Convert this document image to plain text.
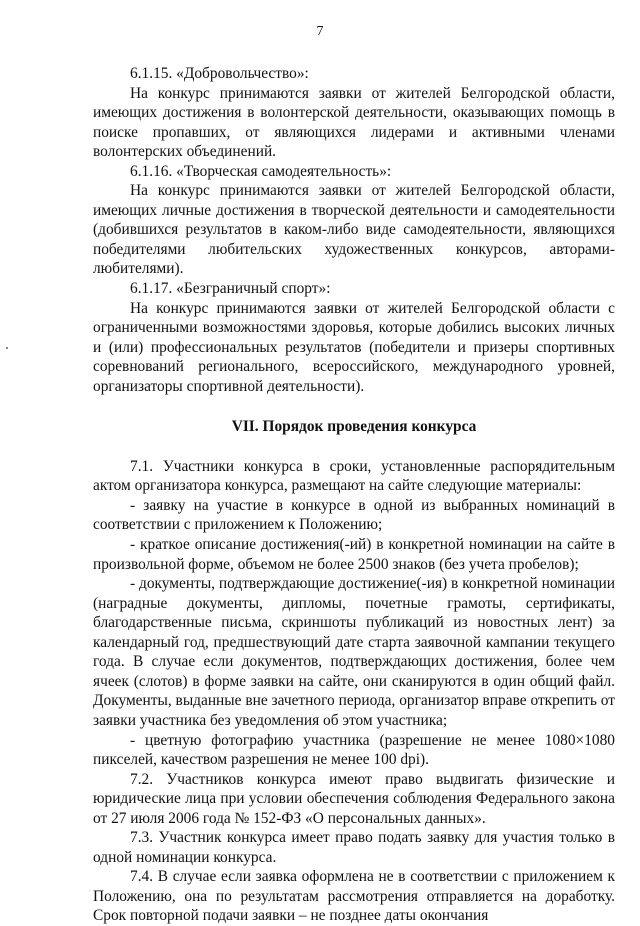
7

6.1.15. «Добровольчество»:

На конкурс принимаются заявки от жителей Белгородской области, имеющих достижения в волонтерской деятельности, оказывающих помощь в поиске пропавших, от являющихся лидерами и активными членами волонтерских объединений.

6.1.16. «Творческая самодеятельность»:

На конкурс принимаются заявки от жителей Белгородской области, имеющих личные достижения в творческой деятельности и самодеятельности (добившихся результатов в каком-либо виде самодеятельности, являющихся победителями любительских художественных конкурсов, авторами-любителями).

6.1.17. «Безграничный спорт»:

На конкурс принимаются заявки от жителей Белгородской области с ограниченными возможностями здоровья, которые добились высоких личных и (или) профессиональных результатов (победители и призеры спортивных соревнований регионального, всероссийского, международного уровней, организаторы спортивной деятельности).

VII. Порядок проведения конкурса

7.1. Участники конкурса в сроки, установленные распорядительным актом организатора конкурса, размещают на сайте следующие материалы:

- заявку на участие в конкурсе в одной из выбранных номинаций в соответствии с приложением к Положению;

- краткое описание достижения(-ий) в конкретной номинации на сайте в произвольной форме, объемом не более 2500 знаков (без учета пробелов);

- документы, подтверждающие достижение(-ия) в конкретной номинации (наградные документы, дипломы, почетные грамоты, сертификаты, благодарственные письма, скриншоты публикаций из новостных лент) за календарный год, предшествующий дате старта заявочной кампании текущего года. В случае если документов, подтверждающих достижения, более чем ячеек (слотов) в форме заявки на сайте, они сканируются в один общий файл. Документы, выданные вне зачетного периода, организатор вправе открепить от заявки участника без уведомления об этом участника;

- цветную фотографию участника (разрешение не менее 1080×1080 пикселей, качеством разрешения не менее 100 dpi).

7.2. Участников конкурса имеют право выдвигать физические и юридические лица при условии обеспечения соблюдения Федерального закона от 27 июля 2006 года № 152-ФЗ «О персональных данных».

7.3. Участник конкурса имеет право подать заявку для участия только в одной номинации конкурса.

7.4. В случае если заявка оформлена не в соответствии с приложением к Положению, она по результатам рассмотрения отправляется на доработку. Срок повторной подачи заявки – не позднее даты окончания
